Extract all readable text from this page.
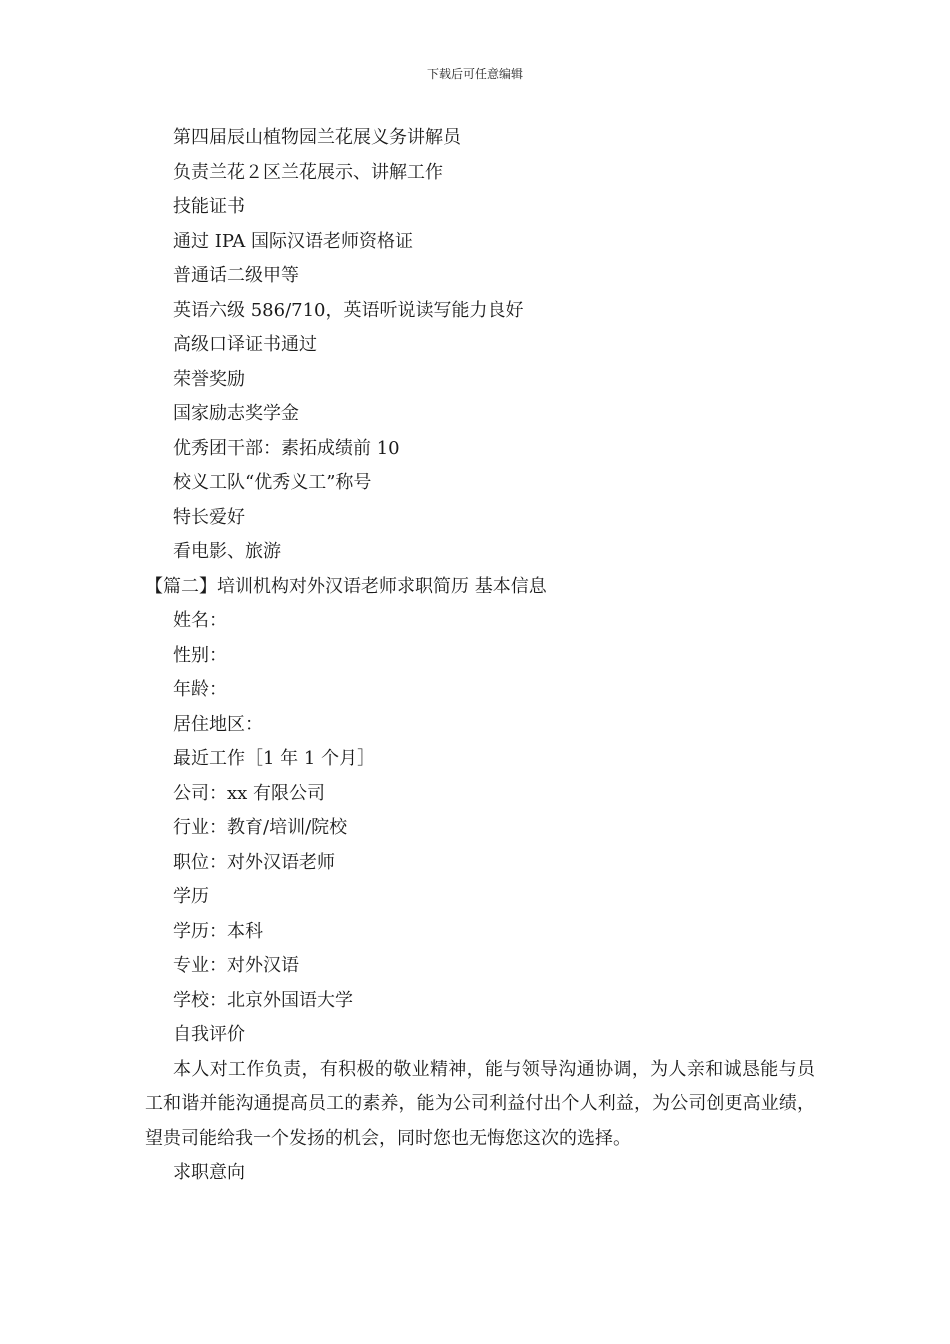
下载后可任意编辑
第四届辰山植物园兰花展义务讲解员
负责兰花２区兰花展示、讲解工作
技能证书
通过 IPA 国际汉语老师资格证
普通话二级甲等
英语六级 586/710，英语听说读写能力良好
高级口译证书通过
荣誉奖励
国家励志奖学金
优秀团干部：素拓成绩前 10
校义工队“优秀义工”称号
特长爱好
看电影、旅游
【篇二】培训机构对外汉语老师求职简历 基本信息
姓名：
性别：
年龄：
居住地区：
最近工作［1 年 1 个月］
公司：xx 有限公司
行业：教育/培训/院校
职位：对外汉语老师
学历
学历：本科
专业：对外汉语
学校：北京外国语大学
自我评价

本人对工作负责，有积极的敬业精神，能与领导沟通协调，为人亲和诚恳能与员工和谐并能沟通提高员工的素养，能为公司利益付出个人利益，为公司创更高业绩，望贵司能给我一个发扬的机会，同时您也无悔您这次的选择。

求职意向
